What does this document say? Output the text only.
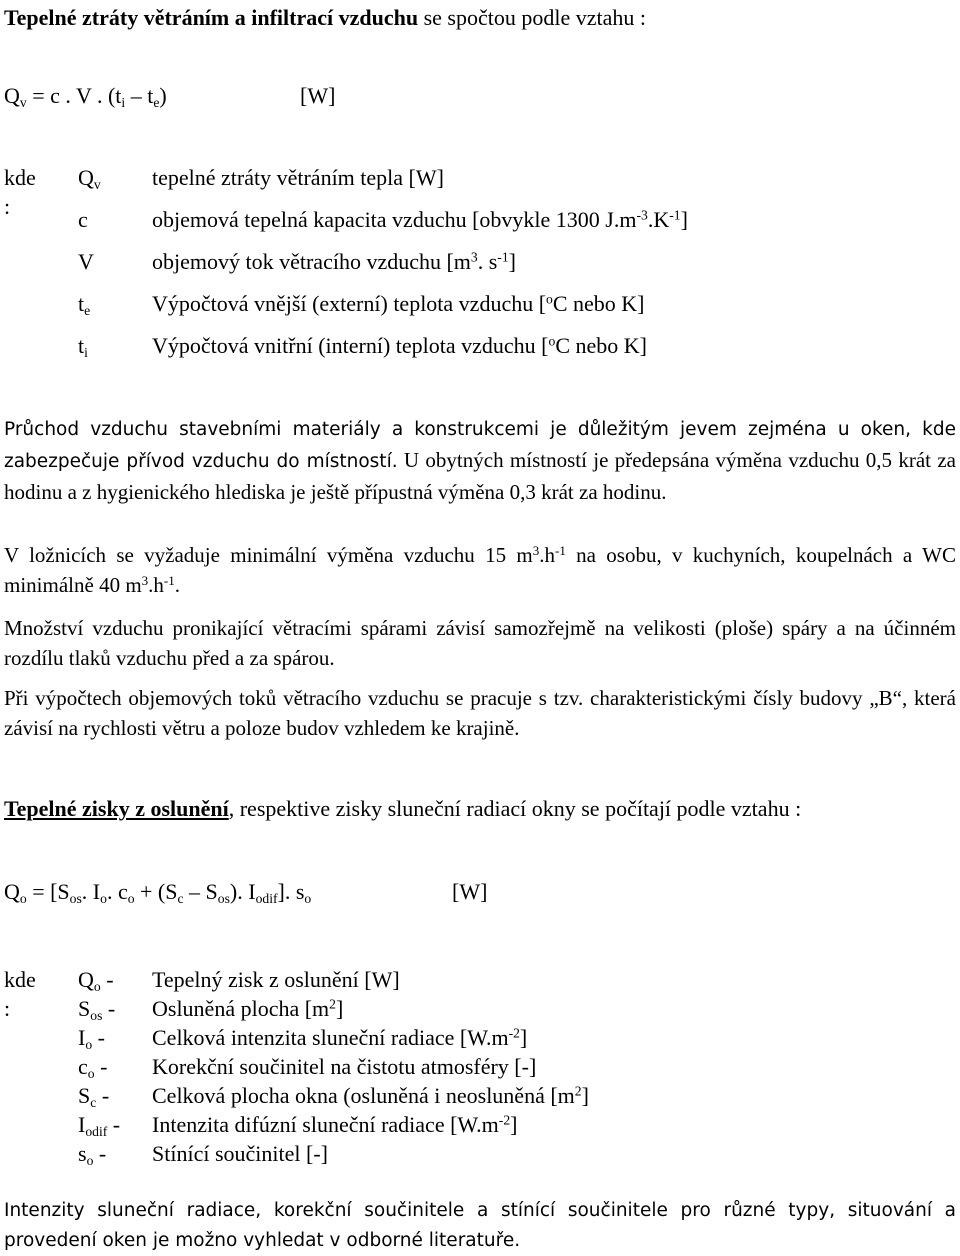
Tepelné ztráty větráním a infiltrací vzduchu se spočtou podle vztahu :
$Q_v = c$ . V . $(t_i - t_e)$	[W]
kde :
$Q_v$ tepelné ztráty větráním tepla [W]
c	objemová tepelná kapacita vzduchu [obvykle 1300 $J.m^{-3}.K^{-1}$]
V	objemový tok větracího vzduchu [$m^3$. $s^{-1}$]
$t_e$	Výpočtová vnější (externí) teplota vzduchu [$^o$C nebo K]
$t_i$	Výpočtová vnitřní (interní) teplota vzduchu [$^o$C nebo K]
Průchod vzduchu stavebními materiály a konstrukcemi je důležitým jevem zejména u oken, kde zabezpečuje přívod vzduchu do místností. U obytných místností je předepsána výměna vzduchu 0,5 krát za hodinu a z hygienického hlediska je ještě přípustná výměna 0,3 krát za hodinu.
V ložnicích se vyžaduje minimální výměna vzduchu 15 $m^3.h^{-1}$ na osobu, v kuchyních, koupelnách a WC minimálně 40 $m^3.h^{-1}$.
Množství vzduchu pronikající větracími spárami závisí samozřejmě na velikosti (ploše) spáry a na účinném rozdílu tlaků vzduchu před a za spárou.
Při výpočtech objemových toků větracího vzduchu se pracuje s tzv. charakteristickými čísly budovy „B“, která závisí na rychlosti větru a poloze budov vzhledem ke krajině.
Tepelné zisky z oslunění, respektive zisky sluneční radiací okny se počítají podle vztahu :
$Q_o = [S_{os}$. $I_o$. $c_o + (S_c - S_{os})$. $I_{odif}$]. $s_o$	[W]
kde :
$Q_o$ - Tepelný zisk z oslunění [W]
$S_{os}$ - Osluněná plocha $[m^2]$
$I_o$ - Celková intenzita sluneční radiace $[W.m^{-2}]$
$c_o$ - Korekční součinitel na čistotu atmosféry [-]
$S_c$ - Celková plocha okna (osluněná i neosluněná $[m^2]$
$I_{odif}$ - Intenzita difúzní sluneční radiace $[W.m^{-2}]$
$s_o$ - Stínící součinitel [-]
Intenzity sluneční radiace, korekční součinitele a stínící součinitele pro různé typy, situování a provedení oken je možno vyhledat v odborné literatuře.
